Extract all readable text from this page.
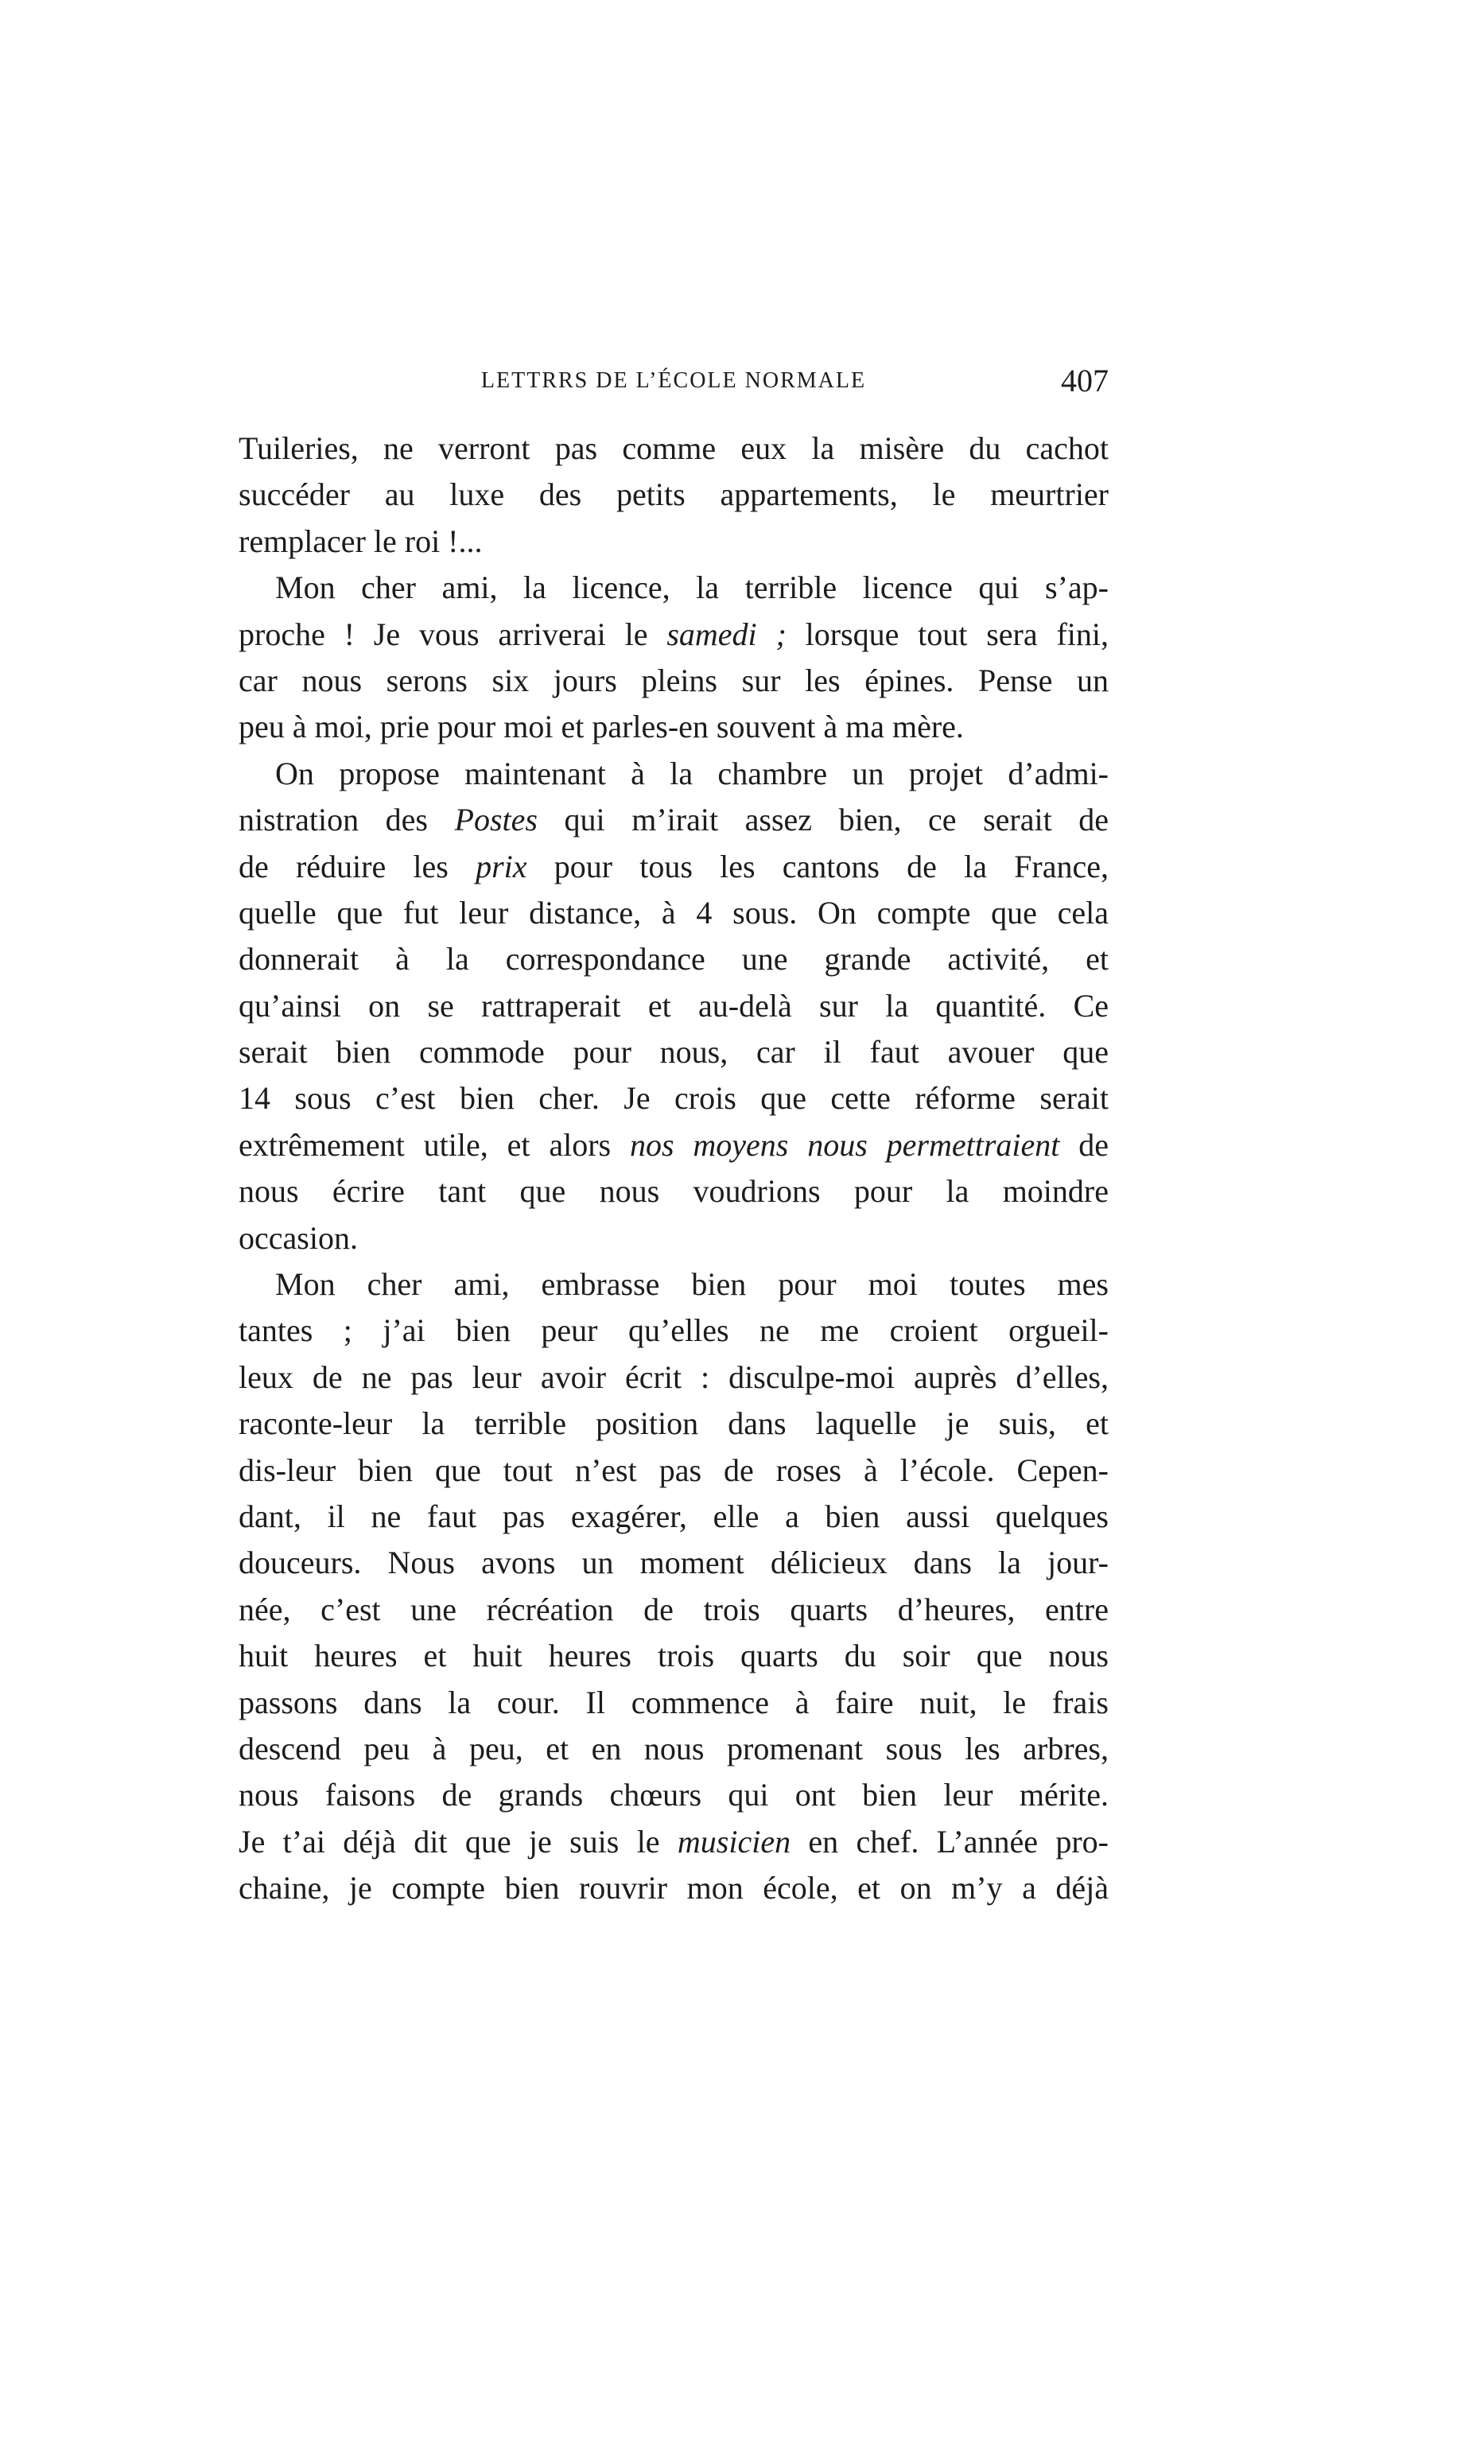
LETTRRS DE L’ÉCOLE NORMALE	407
Tuileries, ne verront pas comme eux la misère du cachot
succéder au luxe des petits appartements, le meurtrier
remplacer le roi !...
Mon cher ami, la licence, la terrible licence qui s’ap-
proche ! Je vous arriverai le samedi ; lorsque tout sera fini,
car nous serons six jours pleins sur les épines. Pense un
peu à moi, prie pour moi et parles-en souvent à ma mère.
On propose maintenant à la chambre un projet d’admi-
nistration des Postes qui m’irait assez bien, ce serait de
de réduire les prix pour tous les cantons de la France,
quelle que fut leur distance, à 4 sous. On compte que cela
donnerait à la correspondance une grande activité, et
qu’ainsi on se rattraperait et au-delà sur la quantité. Ce
serait bien commode pour nous, car il faut avouer que
14 sous c’est bien cher. Je crois que cette réforme serait
extrêmement utile, et alors nos moyens nous permettraient de
nous écrire tant que nous voudrions pour la moindre
occasion.
Mon cher ami, embrasse bien pour moi toutes mes
tantes ; j’ai bien peur qu’elles ne me croient orgueil-
leux de ne pas leur avoir écrit : disculpe-moi auprès d’elles,
raconte-leur la terrible position dans laquelle je suis, et
dis-leur bien que tout n’est pas de roses à l’école. Cepen-
dant, il ne faut pas exagérer, elle a bien aussi quelques
douceurs. Nous avons un moment délicieux dans la jour-
née, c’est une récréation de trois quarts d’heures, entre
huit heures et huit heures trois quarts du soir que nous
passons dans la cour. Il commence à faire nuit, le frais
descend peu à peu, et en nous promenant sous les arbres,
nous faisons de grands chœurs qui ont bien leur mérite.
Je t’ai déjà dit que je suis le musicien en chef. L’année pro-
chaine, je compte bien rouvrir mon école, et on m’y a déjà
